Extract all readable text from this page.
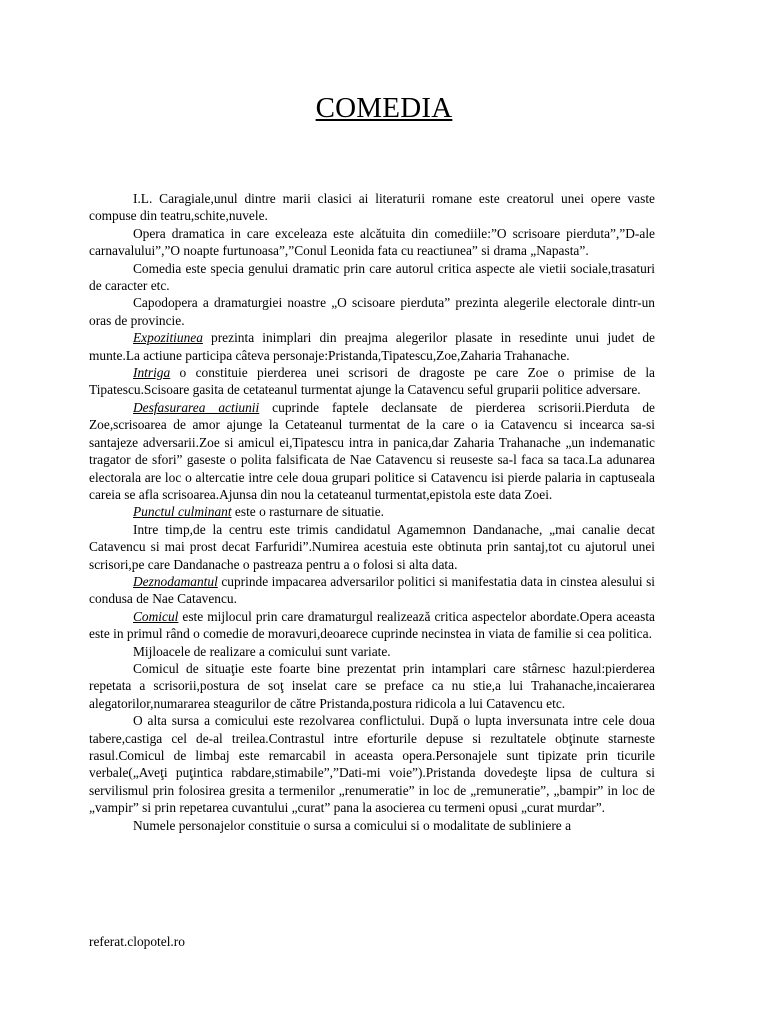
COMEDIA

I.L. Caragiale,unul dintre marii clasici ai literaturii romane este creatorul unei opere vaste compuse din teatru,schite,nuvele.

Opera dramatica in care exceleaza este alcătuita din comediile:”O scrisoare pierduta”,”D-ale carnavalului”,”O noapte furtunoasa”,”Conul Leonida fata cu reactiunea” si drama „Napasta”.

Comedia este specia genului dramatic prin care autorul critica aspecte ale vietii sociale,trasaturi de caracter etc.

Capodopera a dramaturgiei noastre „O scisoare pierduta” prezinta alegerile electorale dintr-un oras de provincie.

Expozitiunea prezinta inimplari din preajma alegerilor plasate in resedinte unui judet de munte.La actiune participa câteva personaje:Pristanda,Tipatescu,Zoe,Zaharia Trahanache.

Intriga o constituie pierderea unei scrisori de dragoste pe care Zoe o primise de la Tipatescu.Scisoare gasita de cetateanul turmentat ajunge la Catavencu seful gruparii politice adversare.

Desfasurarea actiunii cuprinde faptele declansate de pierderea scrisorii.Pierduta de Zoe,scrisoarea de amor ajunge la Cetateanul turmentat de la care o ia Catavencu si incearca sa-si santajeze adversarii.Zoe si amicul ei,Tipatescu intra in panica,dar Zaharia Trahanache „un indemanatic tragator de sfori” gaseste o polita falsificata de Nae Catavencu si reuseste sa-l faca sa taca.La adunarea electorala are loc o altercatie intre cele doua grupari politice si Catavencu isi pierde palaria in captuseala careia se afla scrisoarea.Ajunsa din nou la cetateanul turmentat,epistola este data Zoei.

Punctul culminant este o rasturnare de situatie.

Intre timp,de la centru este trimis candidatul Agamemnon Dandanache, „mai canalie decat Catavencu si mai prost decat Farfuridi”.Numirea acestuia este obtinuta prin santaj,tot cu ajutorul unei scrisori,pe care Dandanache o pastreaza pentru a o folosi si alta data.

Deznodamantul cuprinde impacarea adversarilor politici si manifestatia data in cinstea alesului si condusa de Nae Catavencu.

Comicul este mijlocul prin care dramaturgul realizează critica aspectelor abordate.Opera aceasta este in primul rând o comedie de moravuri,deoarece cuprinde necinstea in viata de familie si cea politica.

Mijloacele de realizare a comicului sunt variate.

Comicul de situaţie este foarte bine prezentat prin intamplari care stârnesc hazul:pierderea repetata a scrisorii,postura de soţ inselat care se preface ca nu stie,a lui Trahanache,incaierarea alegatorilor,numararea steagurilor de către Pristanda,postura ridicola a lui Catavencu etc.

O alta sursa a comicului este rezolvarea conflictului. După o lupta inversunata intre cele doua tabere,castiga cel de-al treilea.Contrastul intre eforturile depuse si rezultatele obţinute starneste rasul.Comicul de limbaj este remarcabil in aceasta opera.Personajele sunt tipizate prin ticurile verbale(„Aveţi puţintica rabdare,stimabile”,”Dati-mi voie”).Pristanda dovedeşte lipsa de cultura si servilismul prin folosirea gresita a termenilor „renumeratie” in loc de „remuneratie”, „bampir” in loc de „vampir” si prin repetarea cuvantului „curat” pana la asocierea cu termeni opusi „curat murdar”.

Numele personajelor constituie o sursa a comicului si o modalitate de subliniere a

referat.clopotel.ro
